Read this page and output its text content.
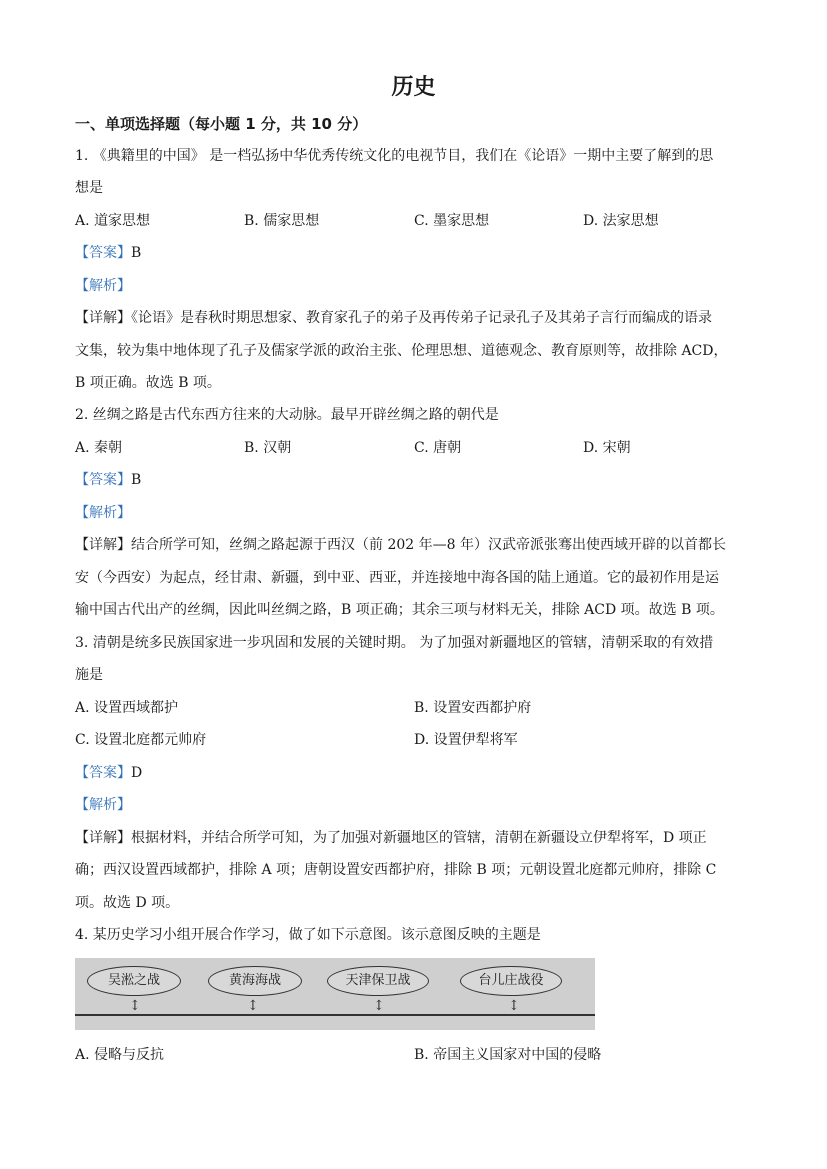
历史
一、单项选择题（每小题 1 分，共 10 分）
1. 《典籍里的中国》 是一档弘扬中华优秀传统文化的电视节目，我们在《论语》一期中主要了解到的思
想是
A. 道家思想	B. 儒家思想	C. 墨家思想	D. 法家思想
【答案】B
【解析】
【详解】《论语》是春秋时期思想家、教育家孔子的弟子及再传弟子记录孔子及其弟子言行而编成的语录
文集，较为集中地体现了孔子及儒家学派的政治主张、伦理思想、道德观念、教育原则等，故排除 ACD，
B 项正确。故选 B 项。
2. 丝绸之路是古代东西方往来的大动脉。最早开辟丝绸之路的朝代是
A. 秦朝	B. 汉朝	C. 唐朝	D. 宋朝
【答案】B
【解析】
【详解】结合所学可知，丝绸之路起源于西汉（前 202 年—8 年）汉武帝派张骞出使西域开辟的以首都长
安（今西安）为起点，经甘肃、新疆，到中亚、西亚，并连接地中海各国的陆上通道。它的最初作用是运
输中国古代出产的丝绸，因此叫丝绸之路，B 项正确；其余三项与材料无关，排除 ACD 项。故选 B 项。
3. 清朝是统多民族国家进一步巩固和发展的关键时期。 为了加强对新疆地区的管辖，清朝采取的有效措
施是
A. 设置西域都护	B. 设置安西都护府
C. 设置北庭都元帅府	D. 设置伊犁将军
【答案】D
【解析】
【详解】根据材料，并结合所学可知，为了加强对新疆地区的管辖，清朝在新疆设立伊犁将军，D 项正
确；西汉设置西域都护，排除 A 项；唐朝设置安西都护府，排除 B 项；元朝设置北庭都元帅府，排除 C
项。故选 D 项。
4. 某历史学习小组开展合作学习，做了如下示意图。该示意图反映的主题是
吴淞之战	黄海海战	天津保卫战	台儿庄战役
↕	↕	↕	↕
A. 侵略与反抗	B. 帝国主义国家对中国的侵略
